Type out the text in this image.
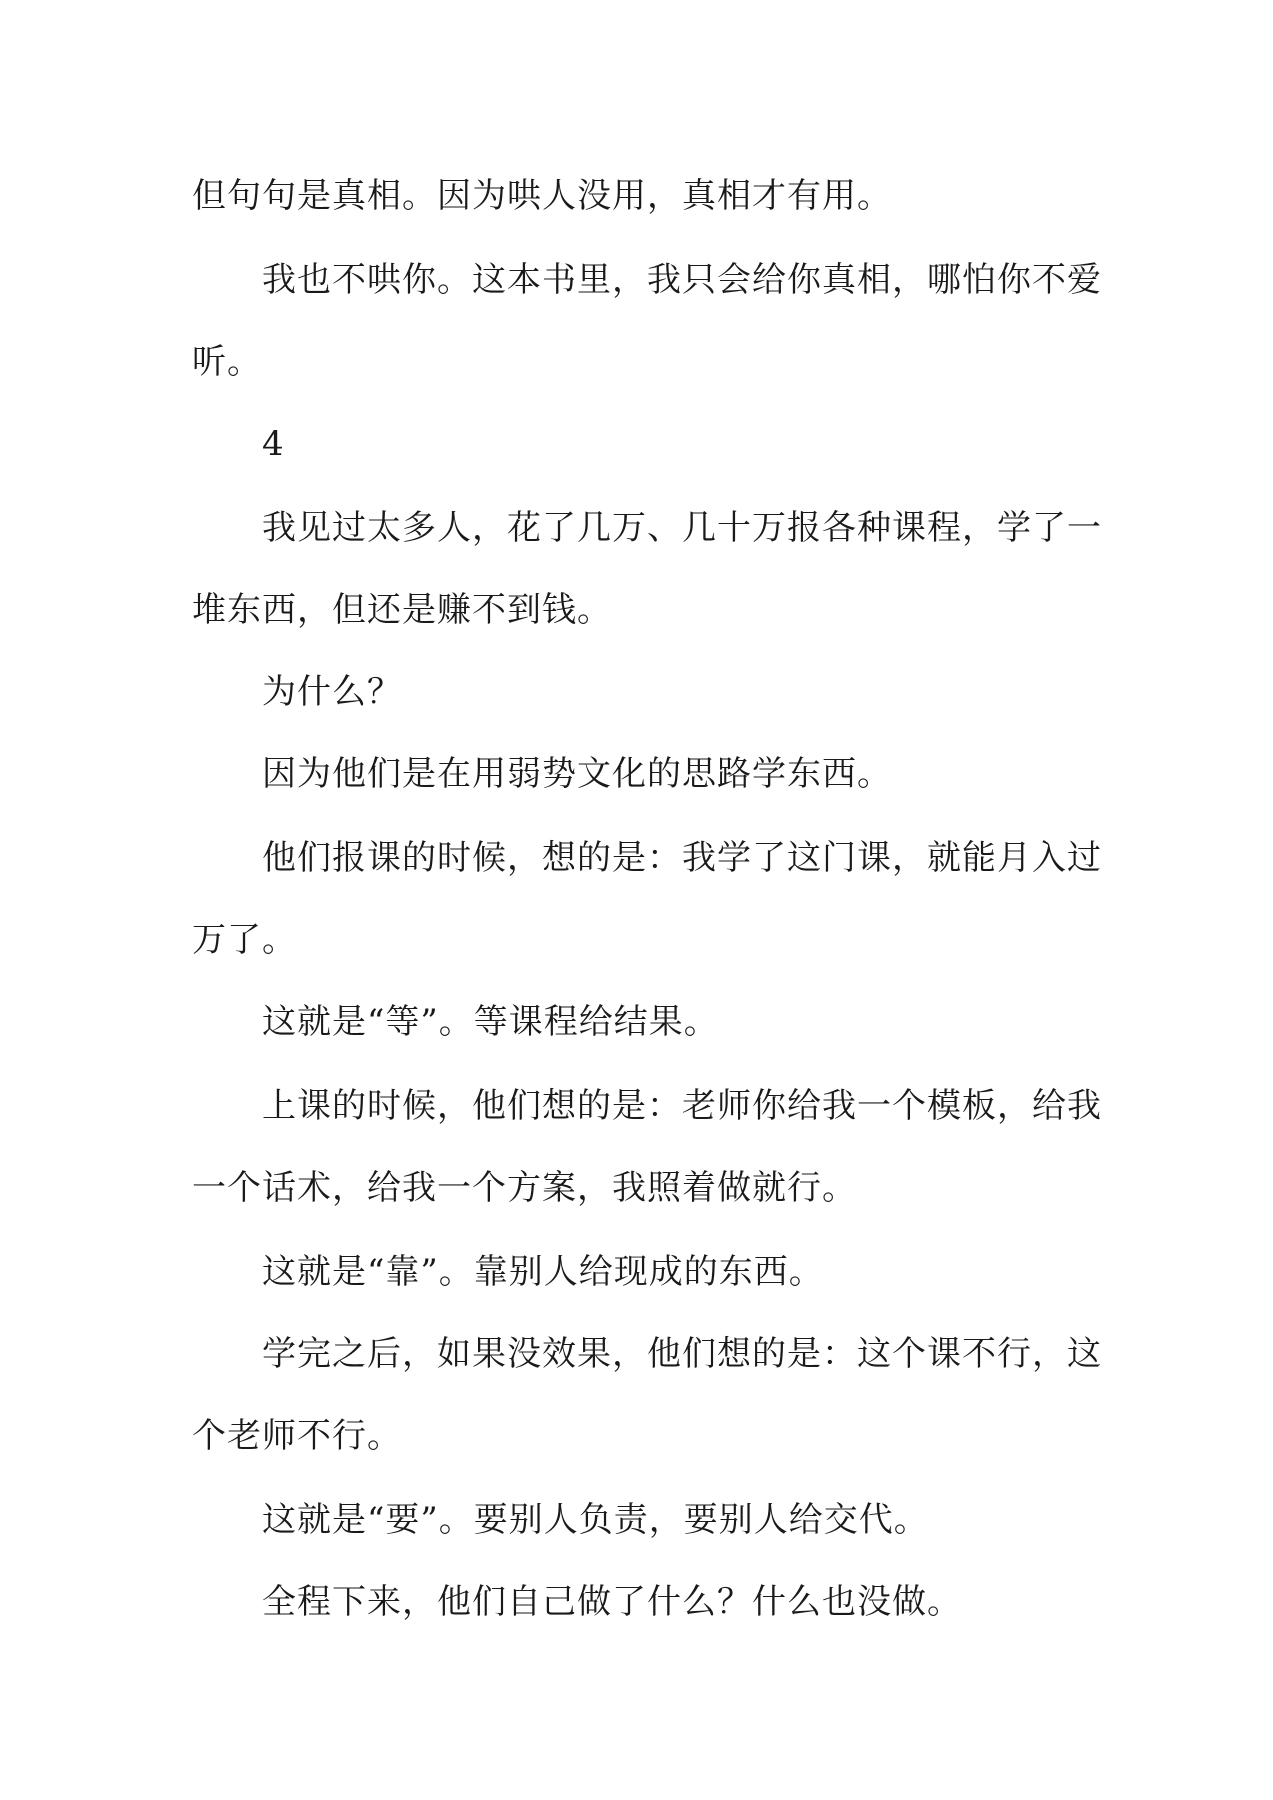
但句句是真相。因为哄人没用，真相才有用。
我也不哄你。这本书里，我只会给你真相，哪怕你不爱
听。
4
我见过太多人，花了几万、几十万报各种课程，学了一
堆东西，但还是赚不到钱。
为什么？
因为他们是在用弱势文化的思路学东西。
他们报课的时候，想的是：我学了这门课，就能月入过
万了。
这就是“等”。等课程给结果。
上课的时候，他们想的是：老师你给我一个模板，给我
一个话术，给我一个方案，我照着做就行。
这就是“靠”。靠别人给现成的东西。
学完之后，如果没效果，他们想的是：这个课不行，这
个老师不行。
这就是“要”。要别人负责，要别人给交代。
全程下来，他们自己做了什么？什么也没做。
